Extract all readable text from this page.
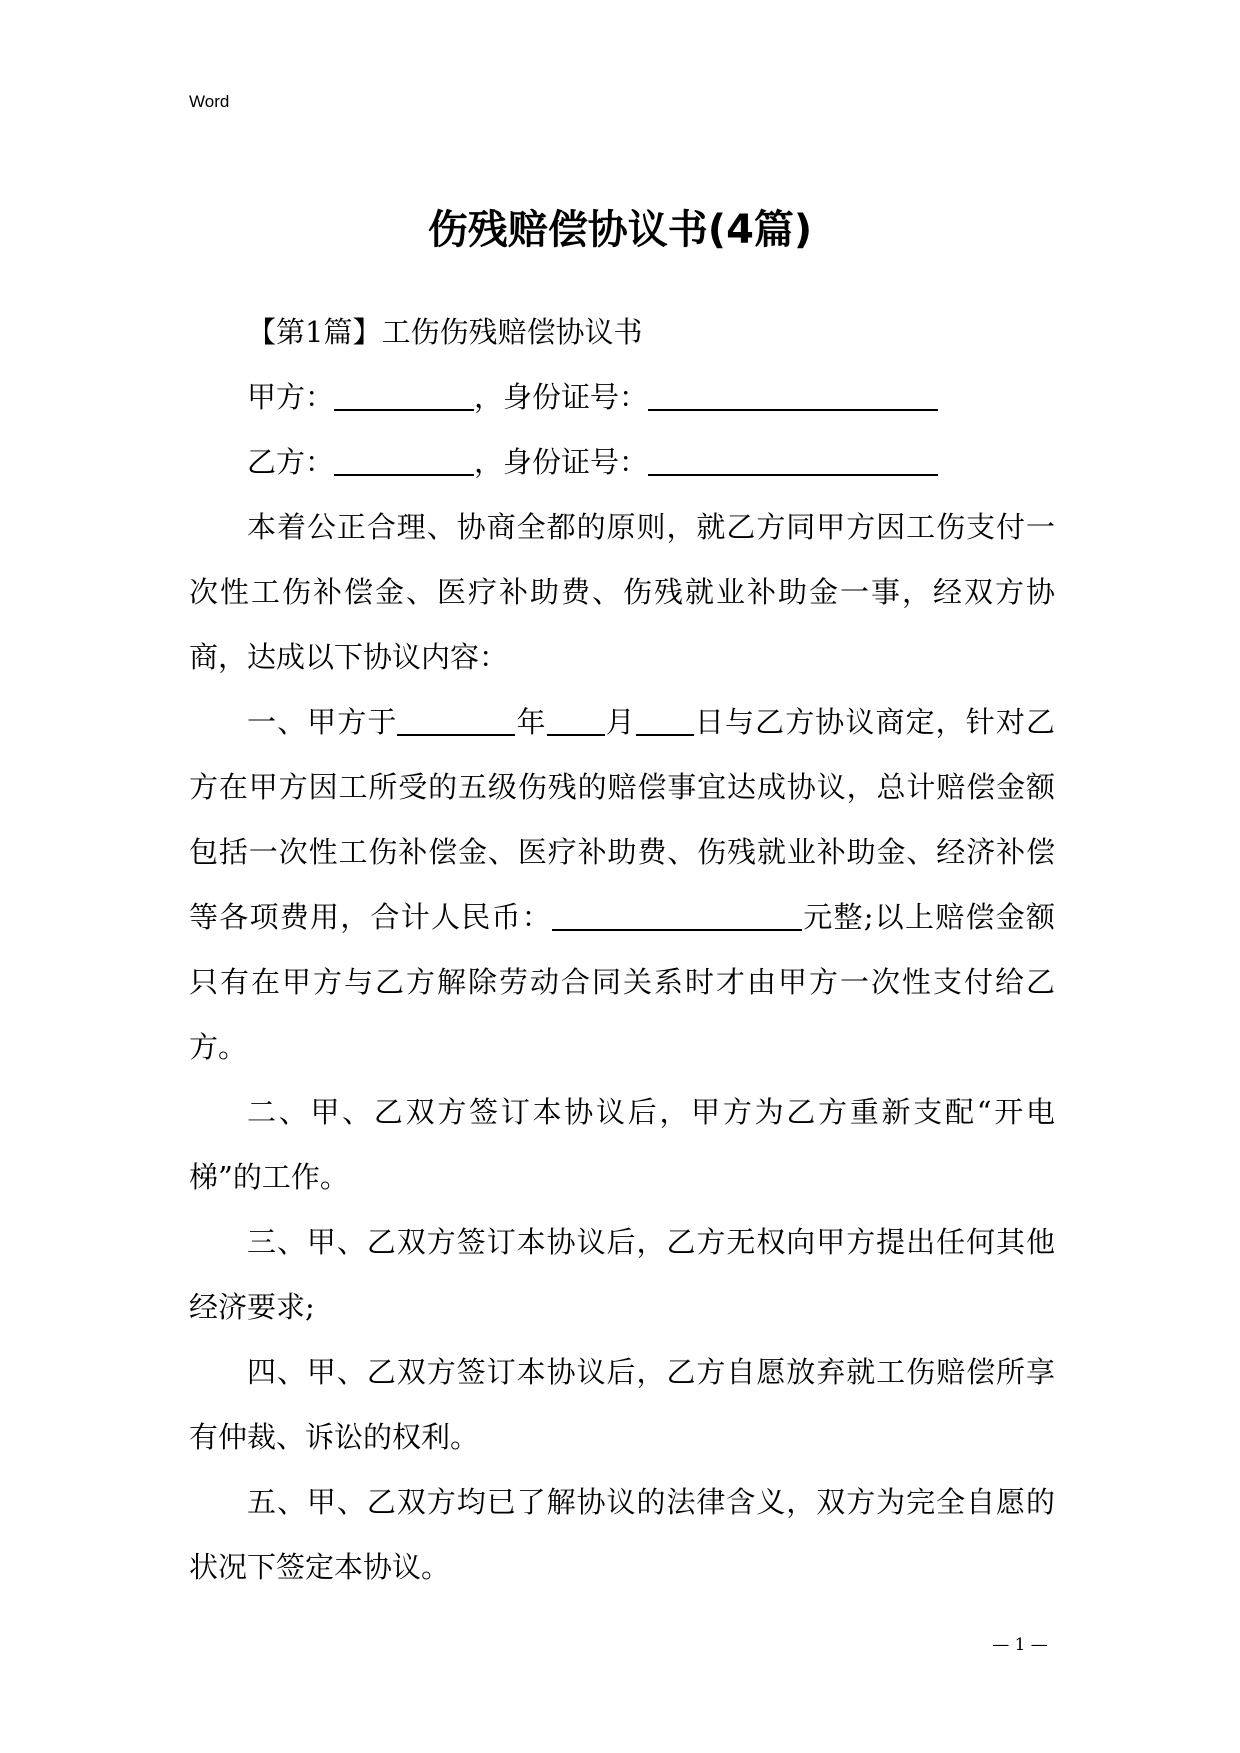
Word
伤残赔偿协议书(4篇)

【第1篇】工伤伤残赔偿协议书

甲方：	，身份证号：

乙方：	，身份证号：

本着公正合理、协商全都的原则，就乙方同甲方因工伤支付一次性工伤补偿金、医疗补助费、伤残就业补助金一事，经双方协商，达成以下协议内容：

一、甲方于	年 月 日与乙方协议商定，针对乙方在甲方因工所受的五级伤残的赔偿事宜达成协议，总计赔偿金额包括一次性工伤补偿金、医疗补助费、伤残就业补助金、经济补偿等各项费用，合计人民币：	元整;以上赔偿金额只有在甲方与乙方解除劳动合同关系时才由甲方一次性支付给乙方。

二、甲、乙双方签订本协议后，甲方为乙方重新支配“开电梯”的工作。

三、甲、乙双方签订本协议后，乙方无权向甲方提出任何其他经济要求;

四、甲、乙双方签订本协议后，乙方自愿放弃就工伤赔偿所享有仲裁、诉讼的权利。

五、甲、乙双方均已了解协议的法律含义，双方为完全自愿的状况下签定本协议。

— 1 —
